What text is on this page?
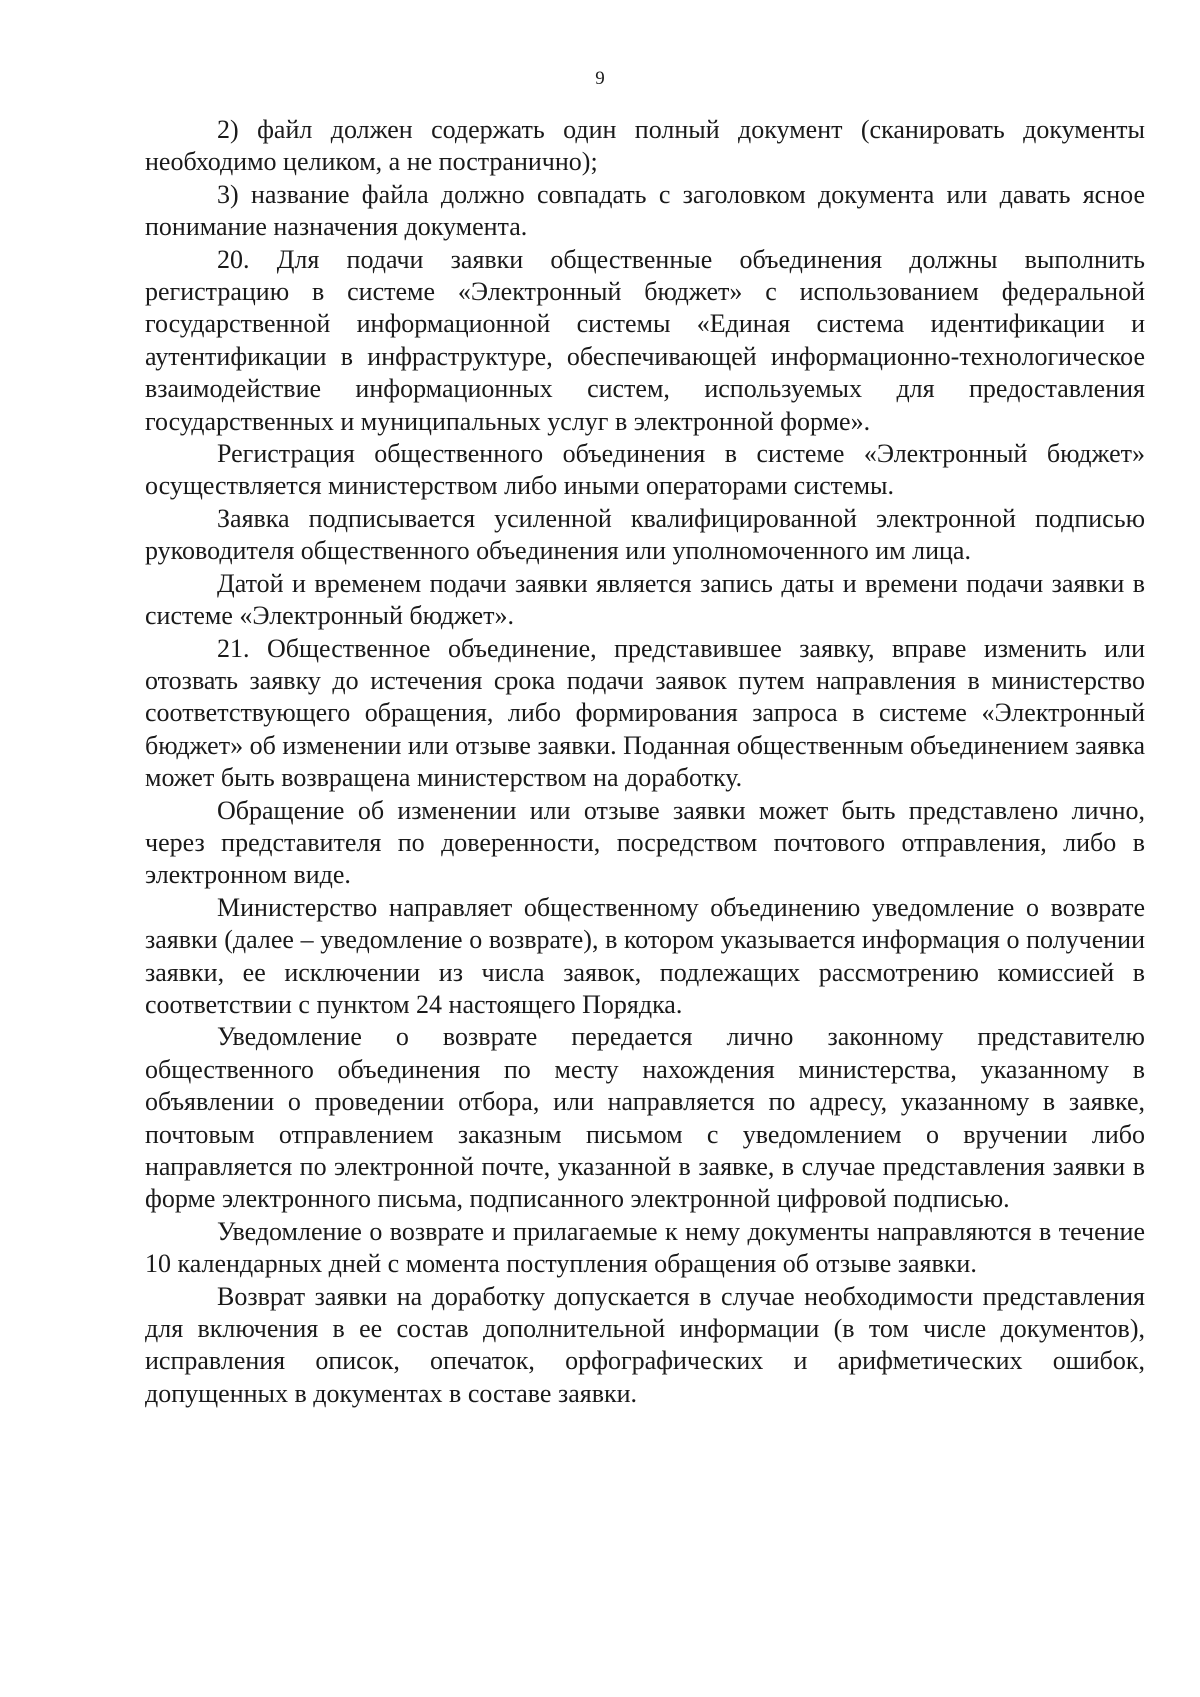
9

2) файл должен содержать один полный документ (сканировать документы необходимо целиком, а не постранично);

3) название файла должно совпадать с заголовком документа или давать ясное понимание назначения документа.

20. Для подачи заявки общественные объединения должны выполнить регистрацию в системе «Электронный бюджет» с использованием федеральной государственной информационной системы «Единая система идентификации и аутентификации в инфраструктуре, обеспечивающей информационно-технологическое взаимодействие информационных систем, используемых для предоставления государственных и муниципальных услуг в электронной форме».

Регистрация общественного объединения в системе «Электронный бюджет» осуществляется министерством либо иными операторами системы.

Заявка подписывается усиленной квалифицированной электронной подписью руководителя общественного объединения или уполномоченного им лица.

Датой и временем подачи заявки является запись даты и времени подачи заявки в системе «Электронный бюджет».

21. Общественное объединение, представившее заявку, вправе изменить или отозвать заявку до истечения срока подачи заявок путем направления в министерство соответствующего обращения, либо формирования запроса в системе «Электронный бюджет» об изменении или отзыве заявки. Поданная общественным объединением заявка может быть возвращена министерством на доработку.

Обращение об изменении или отзыве заявки может быть представлено лично, через представителя по доверенности, посредством почтового отправления, либо в электронном виде.

Министерство направляет общественному объединению уведомление о возврате заявки (далее – уведомление о возврате), в котором указывается информация о получении заявки, ее исключении из числа заявок, подлежащих рассмотрению комиссией в соответствии с пунктом 24 настоящего Порядка.

Уведомление о возврате передается лично законному представителю общественного объединения по месту нахождения министерства, указанному в объявлении о проведении отбора, или направляется по адресу, указанному в заявке, почтовым отправлением заказным письмом с уведомлением о вручении либо направляется по электронной почте, указанной в заявке, в случае представления заявки в форме электронного письма, подписанного электронной цифровой подписью.

Уведомление о возврате и прилагаемые к нему документы направляются в течение 10 календарных дней с момента поступления обращения об отзыве заявки.

Возврат заявки на доработку допускается в случае необходимости представления для включения в ее состав дополнительной информации (в том числе документов), исправления описок, опечаток, орфографических и арифметических ошибок, допущенных в документах в составе заявки.
